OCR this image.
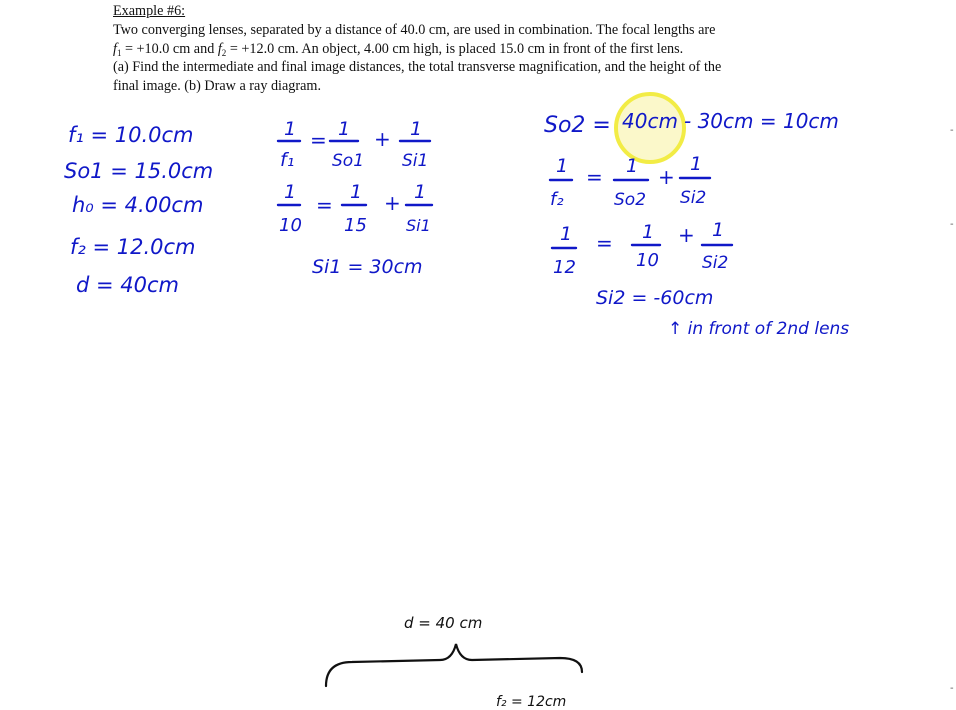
Example #6:

Two converging lenses, separated by a distance of 40.0 cm, are used in combination. The focal lengths are

$f_1 = +10.0$ cm and $f_2 = +12.0$ cm. An object, 4.00 cm high, is placed 15.0 cm in front of the first lens.

(a) Find the intermediate and final image distances, the total transverse magnification, and the height of the

final image. (b) Draw a ray diagram.

f₁ = 10.0cm
So1 = 15.0cm
h₀ = 4.00cm
f₂ = 12.0cm
d = 40cm
1
f₁
= 1
So1
+ 1
Si1
1
10
=
1
15
+ 1
Si1
Si1 = 30cm
So2 = 40cm - 30cm = 10cm
1
f₂
= 1
So2
+
1
Si2
1
12
= 1
10
+ 1
Si2
Si2 = -60cm
↑ in front of 2nd lens
d = 40 cm
f₂ = 12cm
-
-
-
